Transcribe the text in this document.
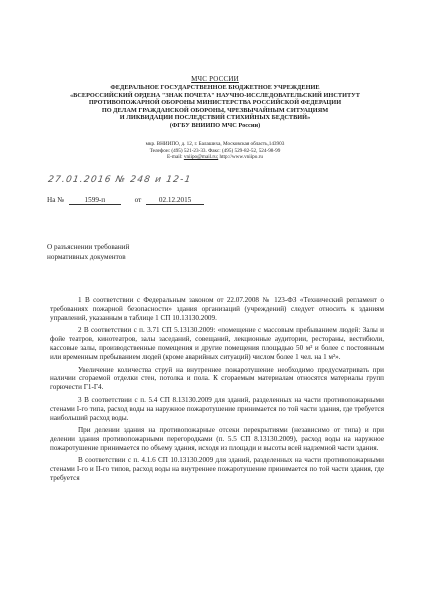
МЧС РОССИИ
ФЕДЕРАЛЬНОЕ ГОСУДАРСТВЕННОЕ БЮДЖЕТНОЕ УЧРЕЖДЕНИЕ
«ВСЕРОССИЙСКИЙ ОРДЕНА "ЗНАК ПОЧЕТА" НАУЧНО-ИССЛЕДОВАТЕЛЬСКИЙ ИНСТИТУТ
ПРОТИВОПОЖАРНОЙ ОБОРОНЫ МИНИСТЕРСТВА РОССИЙСКОЙ ФЕДЕРАЦИИ
ПО ДЕЛАМ ГРАЖДАНСКОЙ ОБОРОНЫ, ЧРЕЗВЫЧАЙНЫМ СИТУАЦИЯМ
И ЛИКВИДАЦИИ ПОСЛЕДСТВИЙ СТИХИЙНЫХ БЕДСТВИЙ»
(ФГБУ ВНИИПО МЧС России)
мкр. ВНИИПО, д. 12, г. Балашиха, Московская область,143903
Телефон: (495) 521-23-33. Факс: (495) 529-82-52, 524-98-99
E-mail: vniipo@mail.ru; http://www.vniipo.ru
27.01.2016 № 248 и 12-1
На №	1599-п	от 02.12.2015
О разъяснении требований
нормативных документов

1 В соответствии с Федеральным законом от 22.07.2008 № 123-ФЗ «Технический регламент о требованиях пожарной безопасности» здания организаций (учреждений) следует относить к зданиям управлений, указанным в таблице 1 СП 10.13130.2009.

2 В соответствии с п. 3.71 СП 5.13130.2009: «помещение с массовым пребыванием людей: Залы и фойе театров, кинотеатров, залы заседаний, совещаний, лекционные аудитории, рестораны, вестибюли, кассовые залы, производственные помещения и другие помещения площадью 50 м² и более с постоянным или временным пребыванием людей (кроме аварийных ситуаций) числом более 1 чел. на 1 м²».

Увеличение количества струй на внутреннее пожаротушение необходимо предусматривать при наличии сгораемой отделки стен, потолка и пола. К сгораемым материалам относятся материалы групп горючести Г1-Г4.

3 В соответствии с п. 5.4 СП 8.13130.2009 для зданий, разделенных на части противопожарными стенами I-го типа, расход воды на наружное пожаротушение принимается по той части здания, где требуется наибольший расход воды.

При делении здания на противопожарные отсеки перекрытиями (независимо от типа) и при делении здания противопожарными перегородками (п. 5.5 СП 8.13130.2009), расход воды на наружное пожаротушение принимается по объему здания, исходя из площади и высоты всей надземной части здания.

В соответствии с п. 4.1.6 СП 10.13130.2009 для зданий, разделенных на части противопожарными стенами I-го и II-го типов, расход воды на внутреннее пожаротушение принимается по той части здания, где требуется
